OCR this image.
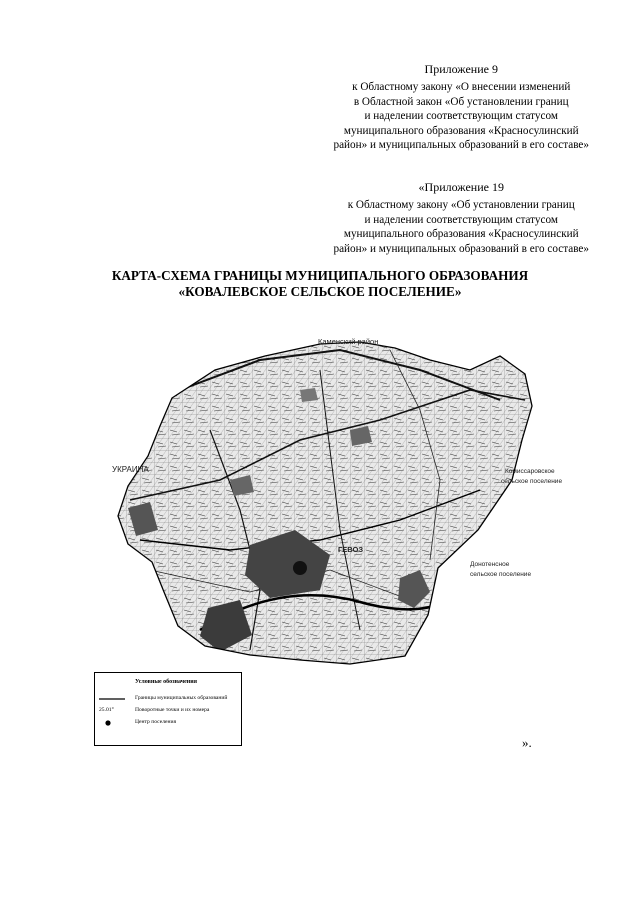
Приложение 9
к Областному закону «О внесении изменений
в Областной закон «Об установлении границ
и наделении соответствующим статусом
муниципального образования «Красносулинский
район» и муниципальных образований в его составе»
«Приложение 19
к Областному закону «Об установлении границ
и наделении соответствующим статусом
муниципального образования «Красносулинский
район» и муниципальных образований в его составе»
КАРТА-СХЕМА ГРАНИЦЫ МУНИЦИПАЛЬНОГО ОБРАЗОВАНИЯ
«КОВАЛЕВСКОЕ СЕЛЬСКОЕ ПОСЕЛЕНИЕ»
Каменский район
УКРАИНА	Комиссаровское
сельское поселение
Донотенсное
сельское поселение
ГЕВОЗ
Условные обозначения
Границы муниципальных образований
25.01°	Поворотные точки и их номера
Центр поселения
».
